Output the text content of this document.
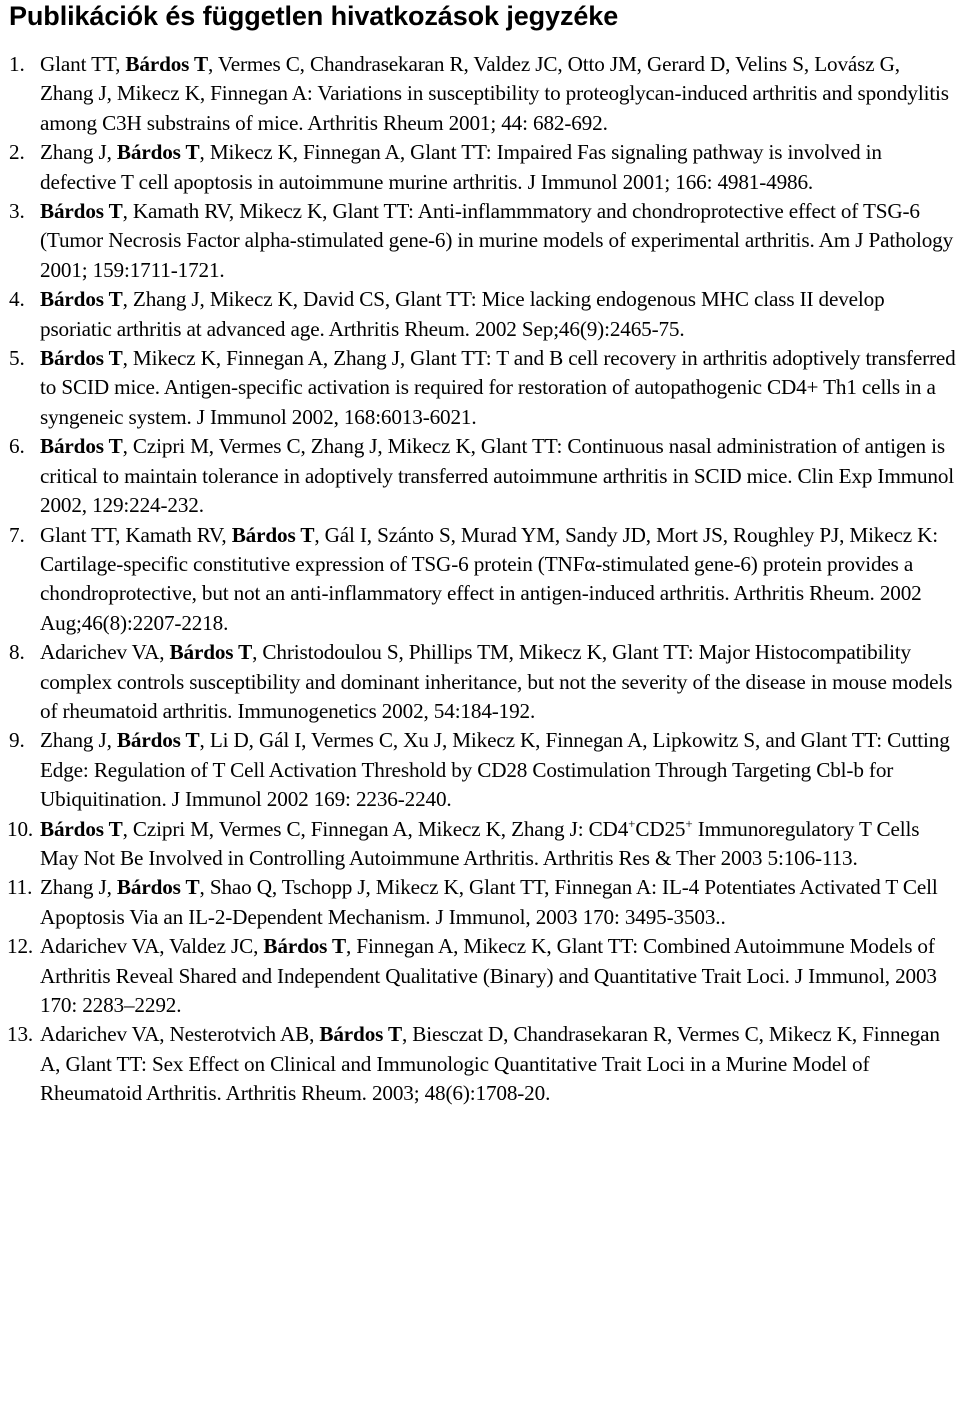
Publikációk és független hivatkozások jegyzéke
1. Glant TT, Bárdos T, Vermes C, Chandrasekaran R, Valdez JC, Otto JM, Gerard D, Velins S, Lovász G, Zhang J, Mikecz K, Finnegan A: Variations in susceptibility to proteoglycan-induced arthritis and spondylitis among C3H substrains of mice. Arthritis Rheum 2001; 44: 682-692.
2. Zhang J, Bárdos T, Mikecz K, Finnegan A, Glant TT: Impaired Fas signaling pathway is involved in defective T cell apoptosis in autoimmune murine arthritis. J Immunol 2001; 166: 4981-4986.
3. Bárdos T, Kamath RV, Mikecz K, Glant TT: Anti-inflammmatory and chondroprotective effect of TSG-6 (Tumor Necrosis Factor alpha-stimulated gene-6) in murine models of experimental arthritis. Am J Pathology 2001; 159:1711-1721.
4. Bárdos T, Zhang J, Mikecz K, David CS, Glant TT: Mice lacking endogenous MHC class II develop psoriatic arthritis at advanced age. Arthritis Rheum. 2002 Sep;46(9):2465-75.
5. Bárdos T, Mikecz K, Finnegan A, Zhang J, Glant TT: T and B cell recovery in arthritis adoptively transferred to SCID mice. Antigen-specific activation is required for restoration of autopathogenic CD4+ Th1 cells in a syngeneic system. J Immunol 2002, 168:6013-6021.
6. Bárdos T, Czipri M, Vermes C, Zhang J, Mikecz K, Glant TT: Continuous nasal administration of antigen is critical to maintain tolerance in adoptively transferred autoimmune arthritis in SCID mice. Clin Exp Immunol 2002, 129:224-232.
7. Glant TT, Kamath RV, Bárdos T, Gál I, Szánto S, Murad YM, Sandy JD, Mort JS, Roughley PJ, Mikecz K: Cartilage-specific constitutive expression of TSG-6 protein (TNFα-stimulated gene-6) protein provides a chondroprotective, but not an anti-inflammatory effect in antigen-induced arthritis. Arthritis Rheum. 2002 Aug;46(8):2207-2218.
8. Adarichev VA, Bárdos T, Christodoulou S, Phillips TM, Mikecz K, Glant TT: Major Histocompatibility complex controls susceptibility and dominant inheritance, but not the severity of the disease in mouse models of rheumatoid arthritis. Immunogenetics 2002, 54:184-192.
9. Zhang J, Bárdos T, Li D, Gál I, Vermes C, Xu J, Mikecz K, Finnegan A, Lipkowitz S, and Glant TT: Cutting Edge: Regulation of T Cell Activation Threshold by CD28 Costimulation Through Targeting Cbl-b for Ubiquitination. J Immunol 2002 169: 2236-2240.
10. Bárdos T, Czipri M, Vermes C, Finnegan A, Mikecz K, Zhang J: CD4+CD25+ Immunoregulatory T Cells May Not Be Involved in Controlling Autoimmune Arthritis. Arthritis Res & Ther 2003 5:106-113.
11. Zhang J, Bárdos T, Shao Q, Tschopp J, Mikecz K, Glant TT, Finnegan A: IL-4 Potentiates Activated T Cell Apoptosis Via an IL-2-Dependent Mechanism. J Immunol, 2003 170: 3495-3503..
12. Adarichev VA, Valdez JC, Bárdos T, Finnegan A, Mikecz K, Glant TT: Combined Autoimmune Models of Arthritis Reveal Shared and Independent Qualitative (Binary) and Quantitative Trait Loci. J Immunol, 2003 170: 2283–2292.
13. Adarichev VA, Nesterotvich AB, Bárdos T, Biesczat D, Chandrasekaran R, Vermes C, Mikecz K, Finnegan A, Glant TT: Sex Effect on Clinical and Immunologic Quantitative Trait Loci in a Murine Model of Rheumatoid Arthritis. Arthritis Rheum. 2003; 48(6):1708-20.
